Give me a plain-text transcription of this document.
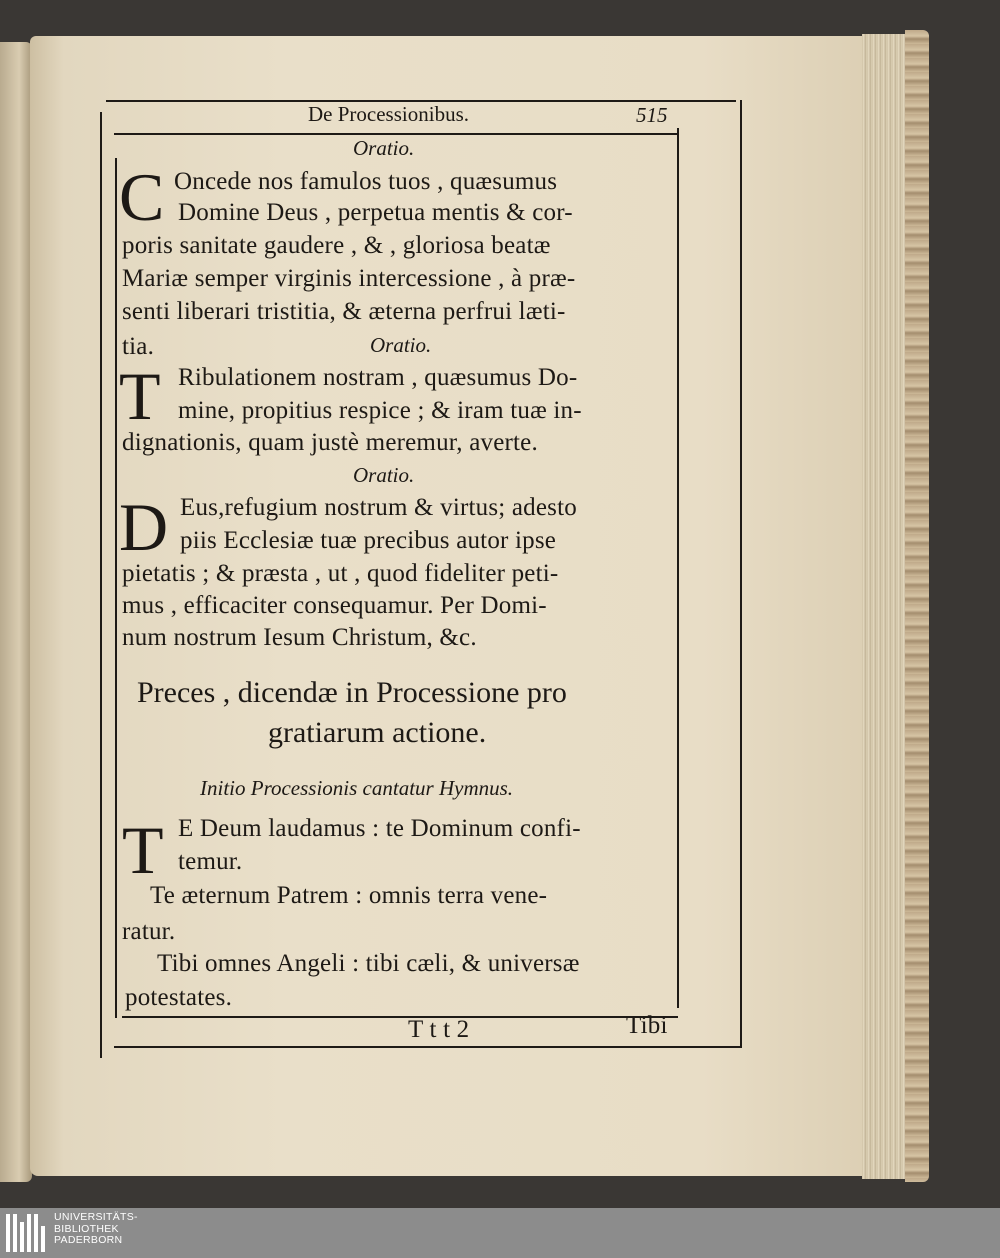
De Processionibus.	515
Oratio.
C Oncede nos famulos tuos , quæsumus
Domine Deus , perpetua mentis & cor-
poris sanitate gaudere , & , gloriosa beatæ
Mariæ semper virginis intercessione , à præ-
senti liberari tristitia, & æterna perfrui læti-
tia.	Oratio.
T Ribulationem nostram , quæsumus Do-
mine, propitius respice ; & iram tuæ in-
dignationis, quam justè meremur, averte.
Oratio.
D Eus,refugium nostrum & virtus; adesto
piis Ecclesiæ tuæ precibus autor ipse
pietatis ; & præsta , ut , quod fideliter peti-
mus , efficaciter consequamur. Per Domi-
num nostrum Iesum Christum, &c.
Preces , dicendæ in Processione pro
gratiarum actione.
Initio Processionis cantatur Hymnus.
T E Deum laudamus : te Dominum confi-
temur.
Te æternum Patrem : omnis terra vene-
ratur.
Tibi omnes Angeli : tibi cæli, & universæ
potestates.
T t t 2	Tibi
UNIVERSITÄTS-
BIBLIOTHEK
PADERBORN
